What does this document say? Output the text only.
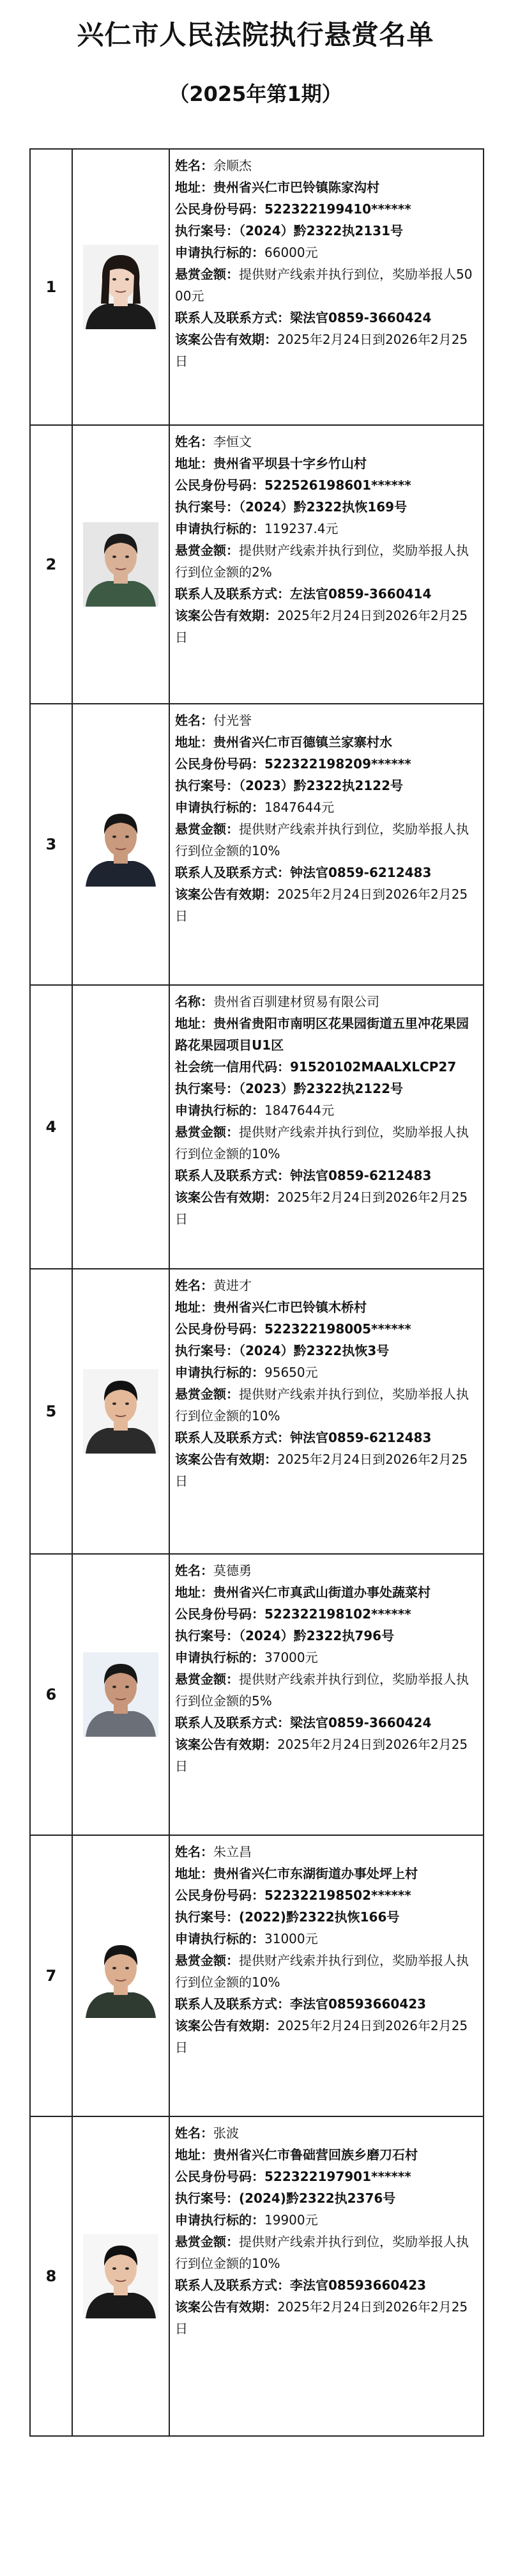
兴仁市人民法院执行悬赏名单
（2025年第1期）
1
姓名：余顺杰
地址：贵州省兴仁市巴铃镇陈家沟村
公民身份号码：522322199410******
执行案号：（2024）黔2322执2131号
申请执行标的：66000元
悬赏金额：提供财产线索并执行到位，奖励举报人5000元
联系人及联系方式：梁法官0859-3660424
该案公告有效期：2025年2月24日到2026年2月25日
2
姓名：李恒文
地址：贵州省平坝县十字乡竹山村
公民身份号码：522526198601******
执行案号：（2024）黔2322执恢169号
申请执行标的：119237.4元
悬赏金额：提供财产线索并执行到位，奖励举报人执行到位金额的2%
联系人及联系方式：左法官0859-3660414
该案公告有效期：2025年2月24日到2026年2月25日
3
姓名：付光誉
地址：贵州省兴仁市百德镇兰家寨村水
公民身份号码：522322198209******
执行案号：（2023）黔2322执2122号
申请执行标的：1847644元
悬赏金额：提供财产线索并执行到位，奖励举报人执行到位金额的10%
联系人及联系方式：钟法官0859-6212483
该案公告有效期：2025年2月24日到2026年2月25日
4
名称：贵州省百驯建材贸易有限公司
地址：贵州省贵阳市南明区花果园街道五里冲花果园路花果园项目U1区
社会统一信用代码：91520102MAALXLCP27
执行案号：（2023）黔2322执2122号
申请执行标的：1847644元
悬赏金额：提供财产线索并执行到位，奖励举报人执行到位金额的10%
联系人及联系方式：钟法官0859-6212483
该案公告有效期：2025年2月24日到2026年2月25日
5
姓名：黄进才
地址：贵州省兴仁市巴铃镇木桥村
公民身份号码：522322198005******
执行案号：（2024）黔2322执恢3号
申请执行标的：95650元
悬赏金额：提供财产线索并执行到位，奖励举报人执行到位金额的10%
联系人及联系方式：钟法官0859-6212483
该案公告有效期：2025年2月24日到2026年2月25日
6
姓名：莫德勇
地址：贵州省兴仁市真武山街道办事处蔬菜村
公民身份号码：522322198102******
执行案号：（2024）黔2322执796号
申请执行标的：37000元
悬赏金额：提供财产线索并执行到位，奖励举报人执行到位金额的5%
联系人及联系方式：梁法官0859-3660424
该案公告有效期：2025年2月24日到2026年2月25日
7
姓名：朱立昌
地址：贵州省兴仁市东湖街道办事处坪上村
公民身份号码：522322198502******
执行案号：(2022)黔2322执恢166号
申请执行标的：31000元
悬赏金额：提供财产线索并执行到位，奖励举报人执行到位金额的10%
联系人及联系方式：李法官08593660423
该案公告有效期：2025年2月24日到2026年2月25日
8
姓名：张波
地址：贵州省兴仁市鲁础营回族乡磨刀石村
公民身份号码：522322197901******
执行案号：(2024)黔2322执2376号
申请执行标的：19900元
悬赏金额：提供财产线索并执行到位，奖励举报人执行到位金额的10%
联系人及联系方式：李法官08593660423
该案公告有效期：2025年2月24日到2026年2月25日
